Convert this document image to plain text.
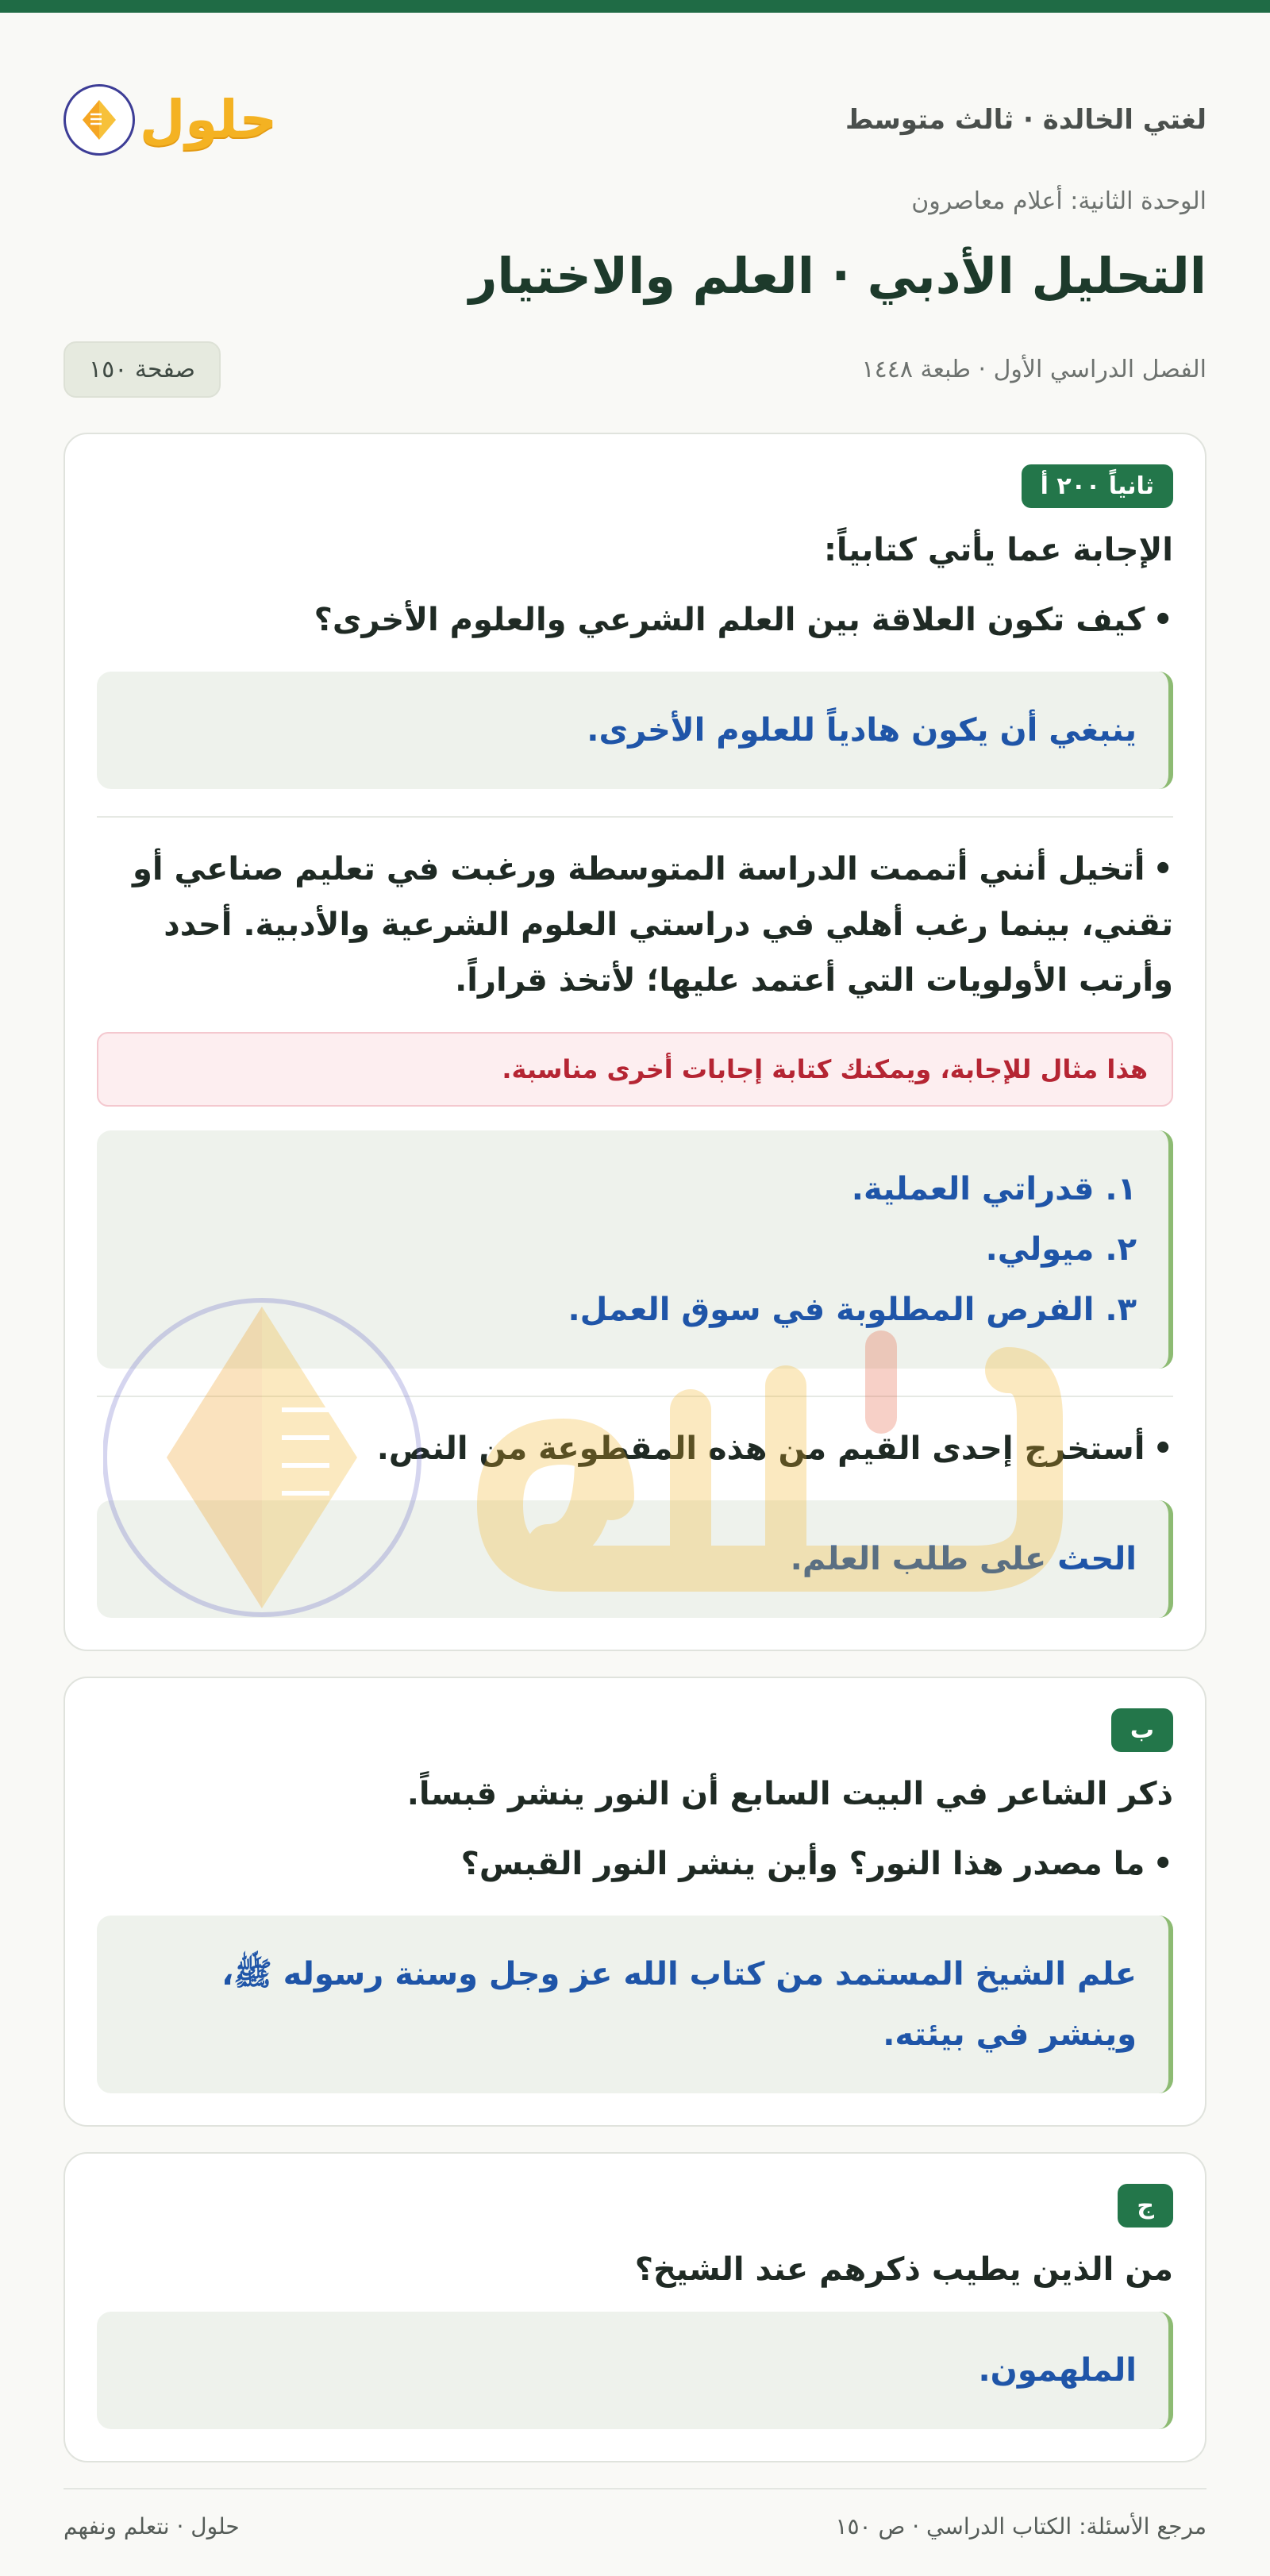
لغتي الخالدة · ثالث متوسط
حلول
الوحدة الثانية: أعلام معاصرون
التحليل الأدبي · العلم والاختيار
الفصل الدراسي الأول · طبعة ١٤٤٨
صفحة ١٥٠
ثانياً ٢٠٠ أ
الإجابة عما يأتي كتابياً:
•كيف تكون العلاقة بين العلم الشرعي والعلوم الأخرى؟

ينبغي أن يكون هادياً للعلوم الأخرى.

•أتخيل أنني أتممت الدراسة المتوسطة ورغبت في تعليم صناعي أو تقني، بينما رغب أهلي في دراستي العلوم الشرعية والأدبية. أحدد وأرتب الأولويات التي أعتمد عليها؛ لأتخذ قراراً.
هذا مثال للإجابة، ويمكنك كتابة إجابات أخرى مناسبة.

١. قدراتي العملية.

٢. ميولي.

٣. الفرص المطلوبة في سوق العمل.

•أستخرج إحدى القيم من هذه المقطوعة من النص.

الحث على طلب العلم.

ب
ذكر الشاعر في البيت السابع أن النور ينشر قبساً.
•ما مصدر هذا النور؟ وأين ينشر النور القبس؟

علم الشيخ المستمد من كتاب الله عز وجل وسنة رسوله ﷺ،

وينشر في بيئته.

ج
من الذين يطيب ذكرهم عند الشيخ؟

الملهمون.

مرجع الأسئلة: الكتاب الدراسي · ص ١٥٠
حلول · نتعلم ونفهم
